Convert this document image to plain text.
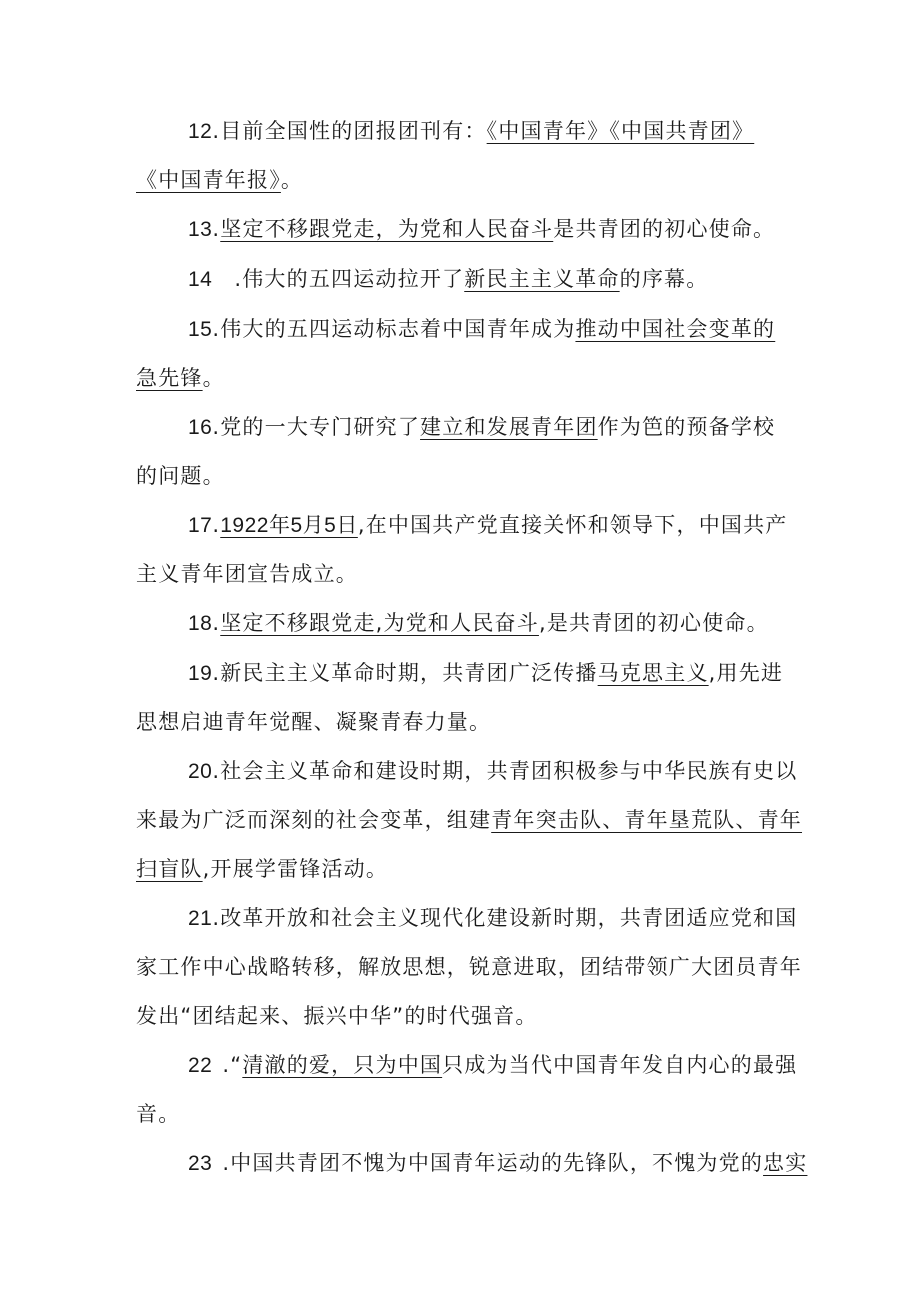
12.目前全国性的团报团刊有：《中国青年》《中国共青团》
《中国青年报》。
13.坚定不移跟党走，为党和人民奋斗是共青团的初心使命。
14 .伟大的五四运动拉开了新民主主义革命的序幕。
15.伟大的五四运动标志着中国青年成为推动中国社会变革的
急先锋。
16.党的一大专门研究了建立和发展青年团作为笆的预备学校
的问题。
17.1922年5月5日,在中国共产党直接关怀和领导下，中国共产
主义青年团宣告成立。
18.坚定不移跟党走,为党和人民奋斗,是共青团的初心使命。
19.新民主主义革命时期，共青团广泛传播马克思主义,用先进
思想启迪青年觉醒、凝聚青春力量。
20.社会主义革命和建设时期，共青团积极参与中华民族有史以
来最为广泛而深刻的社会变革，组建青年突击队、青年垦荒队、青年
扫盲队,开展学雷锋活动。
21.改革开放和社会主义现代化建设新时期，共青团适应党和国
家工作中心战略转移，解放思想，锐意进取，团结带领广大团员青年
发出“团结起来、振兴中华”的时代强音。
22 .“清澈的爱，只为中国只成为当代中国青年发自内心的最强
音。
23 .中国共青团不愧为中国青年运动的先锋队，不愧为党的忠实
